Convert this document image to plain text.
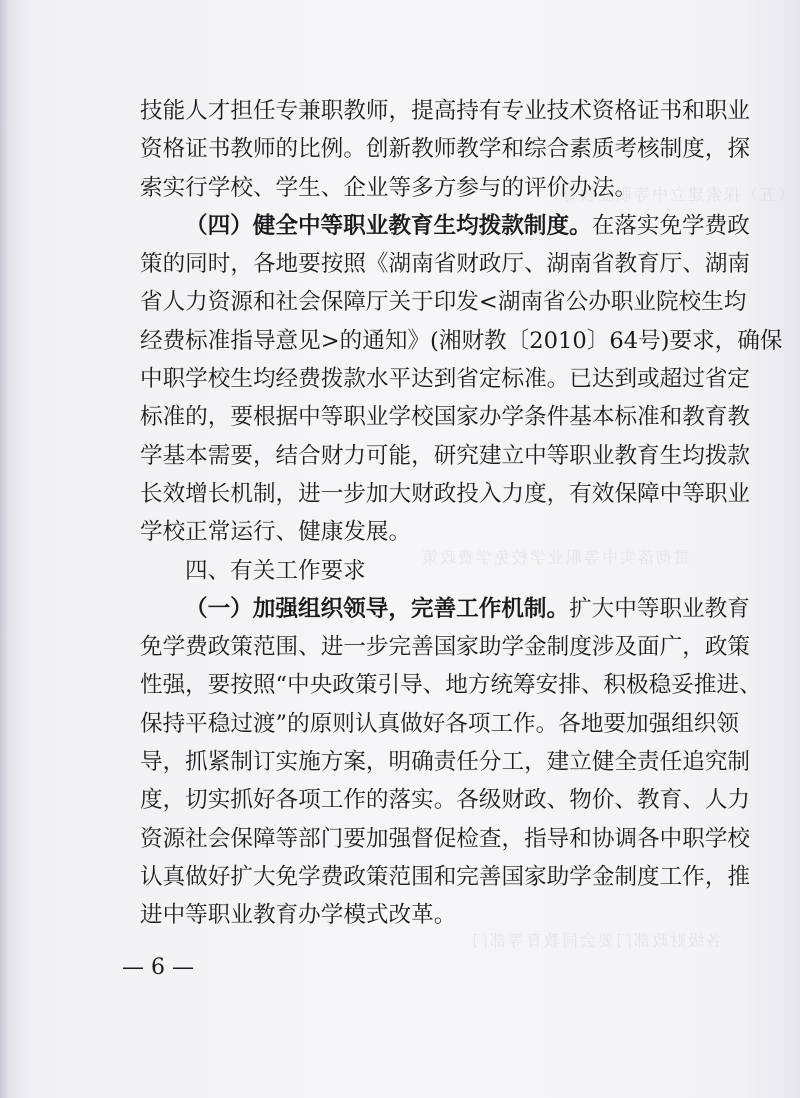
（五）探索建立中等职业教育
贯彻落实中等职业学校免学费政策
各级财政部门要会同教育等部门
技能人才担任专兼职教师，提高持有专业技术资格证书和职业
资格证书教师的比例。创新教师教学和综合素质考核制度，探
索实行学校、学生、企业等多方参与的评价办法。
（四）健全中等职业教育生均拨款制度。在落实免学费政
策的同时，各地要按照《湖南省财政厅、湖南省教育厅、湖南
省人力资源和社会保障厅关于印发<湖南省公办职业院校生均
经费标准指导意见>的通知》(湘财教〔2010〕64号)要求，确保
中职学校生均经费拨款水平达到省定标准。已达到或超过省定
标准的，要根据中等职业学校国家办学条件基本标准和教育教
学基本需要，结合财力可能，研究建立中等职业教育生均拨款
长效增长机制，进一步加大财政投入力度，有效保障中等职业
学校正常运行、健康发展。
四、有关工作要求
（一）加强组织领导，完善工作机制。扩大中等职业教育
免学费政策范围、进一步完善国家助学金制度涉及面广，政策
性强，要按照“中央政策引导、地方统筹安排、积极稳妥推进、
保持平稳过渡”的原则认真做好各项工作。各地要加强组织领
导，抓紧制订实施方案，明确责任分工，建立健全责任追究制
度，切实抓好各项工作的落实。各级财政、物价、教育、人力
资源社会保障等部门要加强督促检查，指导和协调各中职学校
认真做好扩大免学费政策范围和完善国家助学金制度工作，推
进中等职业教育办学模式改革。
— 6 —
